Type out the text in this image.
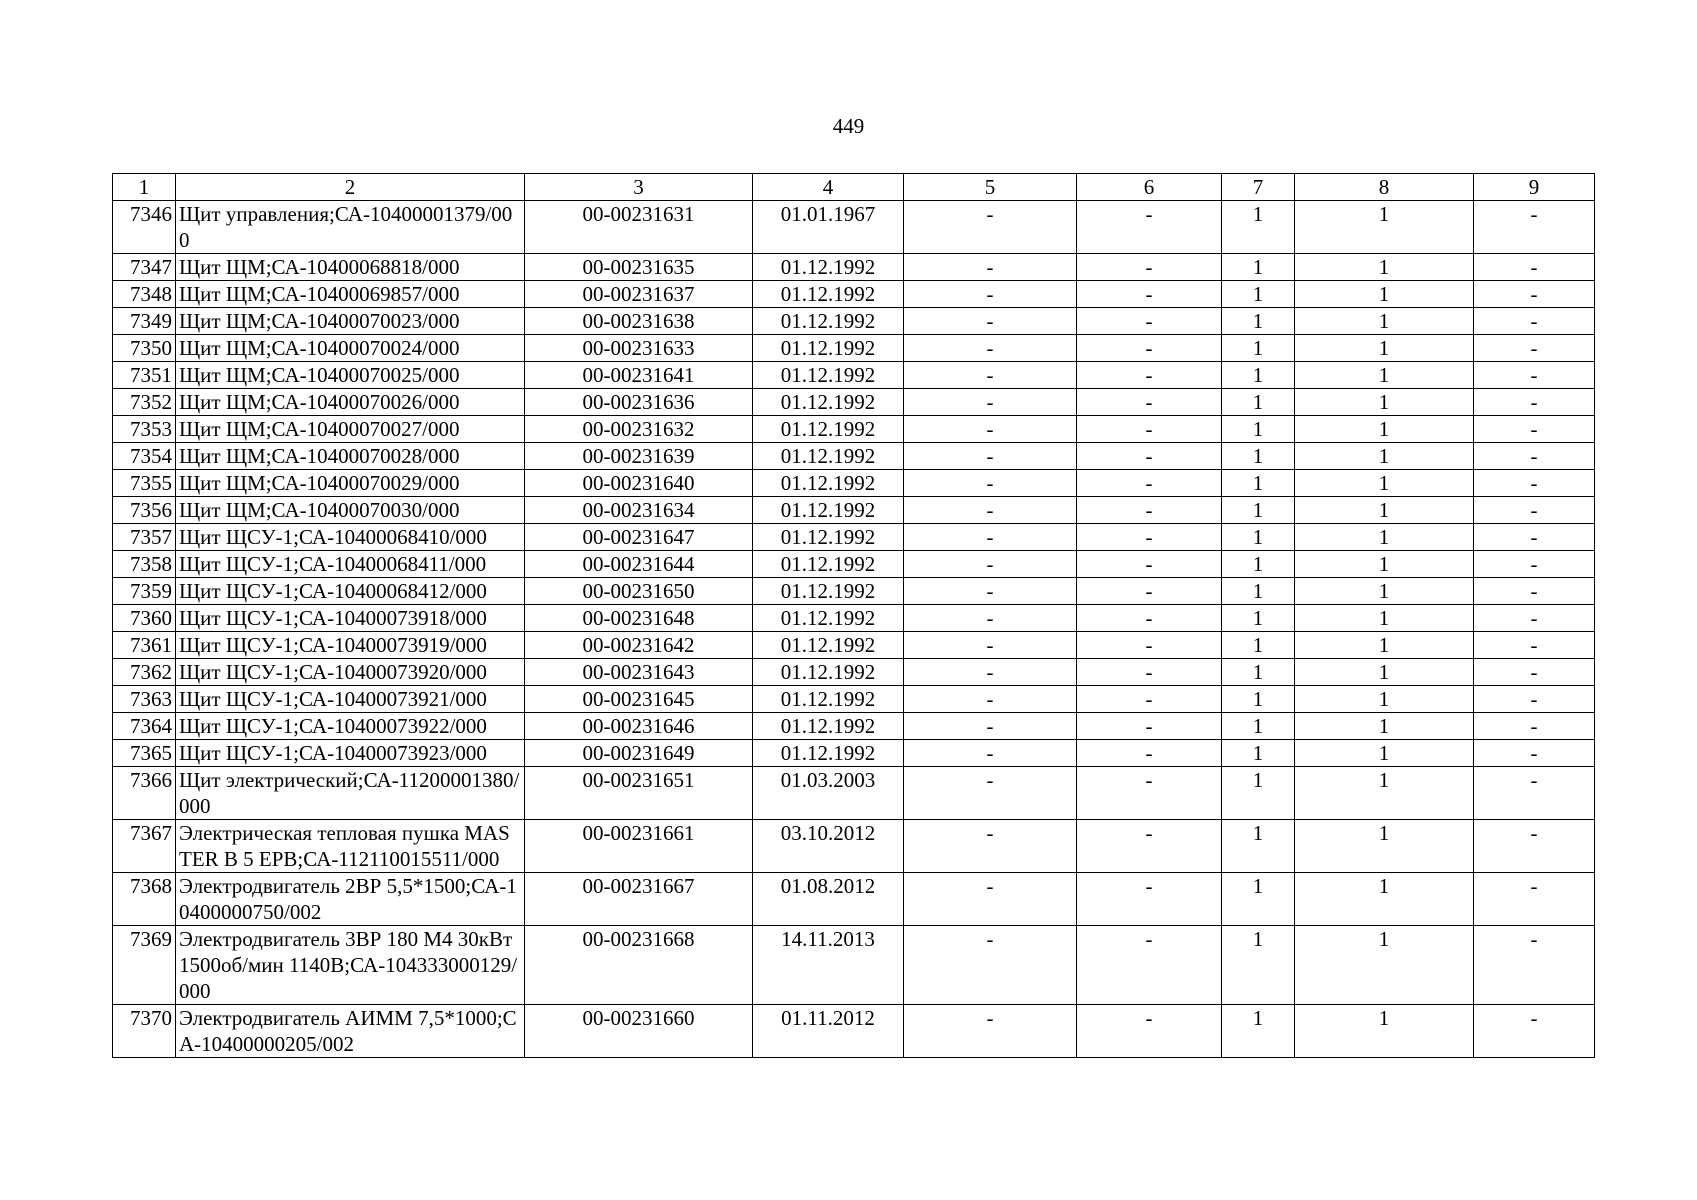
449
1	2	3	4	5	6	7	8	9
7346	Щит управления;СА-10400001379/000	00-00231631	01.01.1967	-	-	1	1	-
7347	Щит ЩМ;СА-10400068818/000	00-00231635	01.12.1992	-	-	1	1	-
7348	Щит ЩМ;СА-10400069857/000	00-00231637	01.12.1992	-	-	1	1	-
7349	Щит ЩМ;СА-10400070023/000	00-00231638	01.12.1992	-	-	1	1	-
7350	Щит ЩМ;СА-10400070024/000	00-00231633	01.12.1992	-	-	1	1	-
7351	Щит ЩМ;СА-10400070025/000	00-00231641	01.12.1992	-	-	1	1	-
7352	Щит ЩМ;СА-10400070026/000	00-00231636	01.12.1992	-	-	1	1	-
7353	Щит ЩМ;СА-10400070027/000	00-00231632	01.12.1992	-	-	1	1	-
7354	Щит ЩМ;СА-10400070028/000	00-00231639	01.12.1992	-	-	1	1	-
7355	Щит ЩМ;СА-10400070029/000	00-00231640	01.12.1992	-	-	1	1	-
7356	Щит ЩМ;СА-10400070030/000	00-00231634	01.12.1992	-	-	1	1	-
7357	Щит ЩСУ-1;СА-10400068410/000	00-00231647	01.12.1992	-	-	1	1	-
7358	Щит ЩСУ-1;СА-10400068411/000	00-00231644	01.12.1992	-	-	1	1	-
7359	Щит ЩСУ-1;СА-10400068412/000	00-00231650	01.12.1992	-	-	1	1	-
7360	Щит ЩСУ-1;СА-10400073918/000	00-00231648	01.12.1992	-	-	1	1	-
7361	Щит ЩСУ-1;СА-10400073919/000	00-00231642	01.12.1992	-	-	1	1	-
7362	Щит ЩСУ-1;СА-10400073920/000	00-00231643	01.12.1992	-	-	1	1	-
7363	Щит ЩСУ-1;СА-10400073921/000	00-00231645	01.12.1992	-	-	1	1	-
7364	Щит ЩСУ-1;СА-10400073922/000	00-00231646	01.12.1992	-	-	1	1	-
7365	Щит ЩСУ-1;СА-10400073923/000	00-00231649	01.12.1992	-	-	1	1	-
7366	Щит электрический;СА-11200001380/000	00-00231651	01.03.2003	-	-	1	1	-
7367	Электрическая тепловая пушка MASTER B 5 EPB;СА-112110015511/000	00-00231661	03.10.2012	-	-	1	1	-
7368	Электродвигатель 2ВР 5,5*1500;СА-10400000750/002	00-00231667	01.08.2012	-	-	1	1	-
7369	Электродвигатель 3ВР 180 М4 30кВт 1500об/мин 1140В;СА-104333000129/000	00-00231668	14.11.2013	-	-	1	1	-
7370	Электродвигатель АИММ 7,5*1000;СА-10400000205/002	00-00231660	01.11.2012	-	-	1	1	-
